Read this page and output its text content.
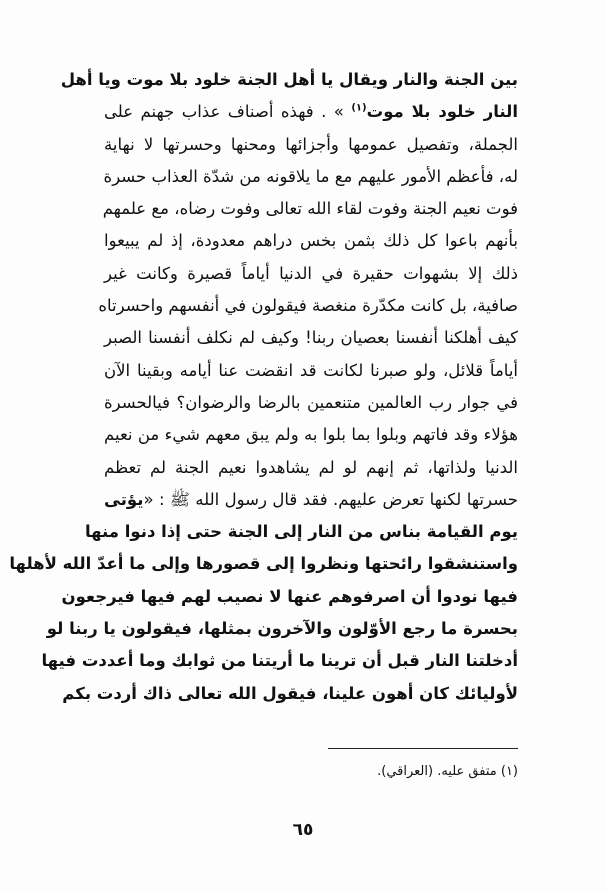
بين الجنة والنار ويقال يا أهل الجنة خلود بلا موت ويا أهل
النار خلود بلا موت$^{(١)}$ » . فهذه أصناف عذاب جهنم على
الجملة، وتفصيل عمومها وأجزائها ومحنها وحسرتها لا نهاية
له، فأعظم الأمور عليهم مع ما يلاقونه من شدّة العذاب حسرة
فوت نعيم الجنة وفوت لقاء الله تعالى وفوت رضاه، مع علمهم
بأنهم باعوا كل ذلك بثمن بخس دراهم معدودة، إذ لم يبيعوا
ذلك إلا بشهوات حقيرة في الدنيا أياماً قصيرة وكانت غير
صافية، بل كانت مكدّرة منغصة فيقولون في أنفسهم واحسرتاه
كيف أهلكنا أنفسنا بعصيان ربنا! وكيف لم نكلف أنفسنا الصبر
أياماً قلائل، ولو صبرنا لكانت قد انقضت عنا أيامه وبقينا الآن
في جوار رب العالمين متنعمين بالرضا والرضوان؟ فيالحسرة
هؤلاء وقد فاتهم وبلوا بما بلوا به ولم يبق معهم شيء من نعيم
الدنيا ولذاتها، ثم إنهم لو لم يشاهدوا نعيم الجنة لم تعظم
حسرتها لكنها تعرض عليهم. فقد قال رسول الله ﷺ : «يؤتى
يوم القيامة بناس من النار إلى الجنة حتى إذا دنوا منها
واستنشقوا رائحتها ونظروا إلى قصورها وإلى ما أعدّ الله لأهلها
فيها نودوا أن اصرفوهم عنها لا نصيب لهم فيها فيرجعون
بحسرة ما رجع الأوّلون والآخرون بمثلها، فيقولون يا ربنا لو
أدخلتنا النار قبل أن ترينا ما أريتنا من ثوابك وما أعددت فيها
لأوليائك كان أهون علينا، فيقول الله تعالى ذاك أردت بكم
(١) متفق عليه. (العراقي).
٦٥
